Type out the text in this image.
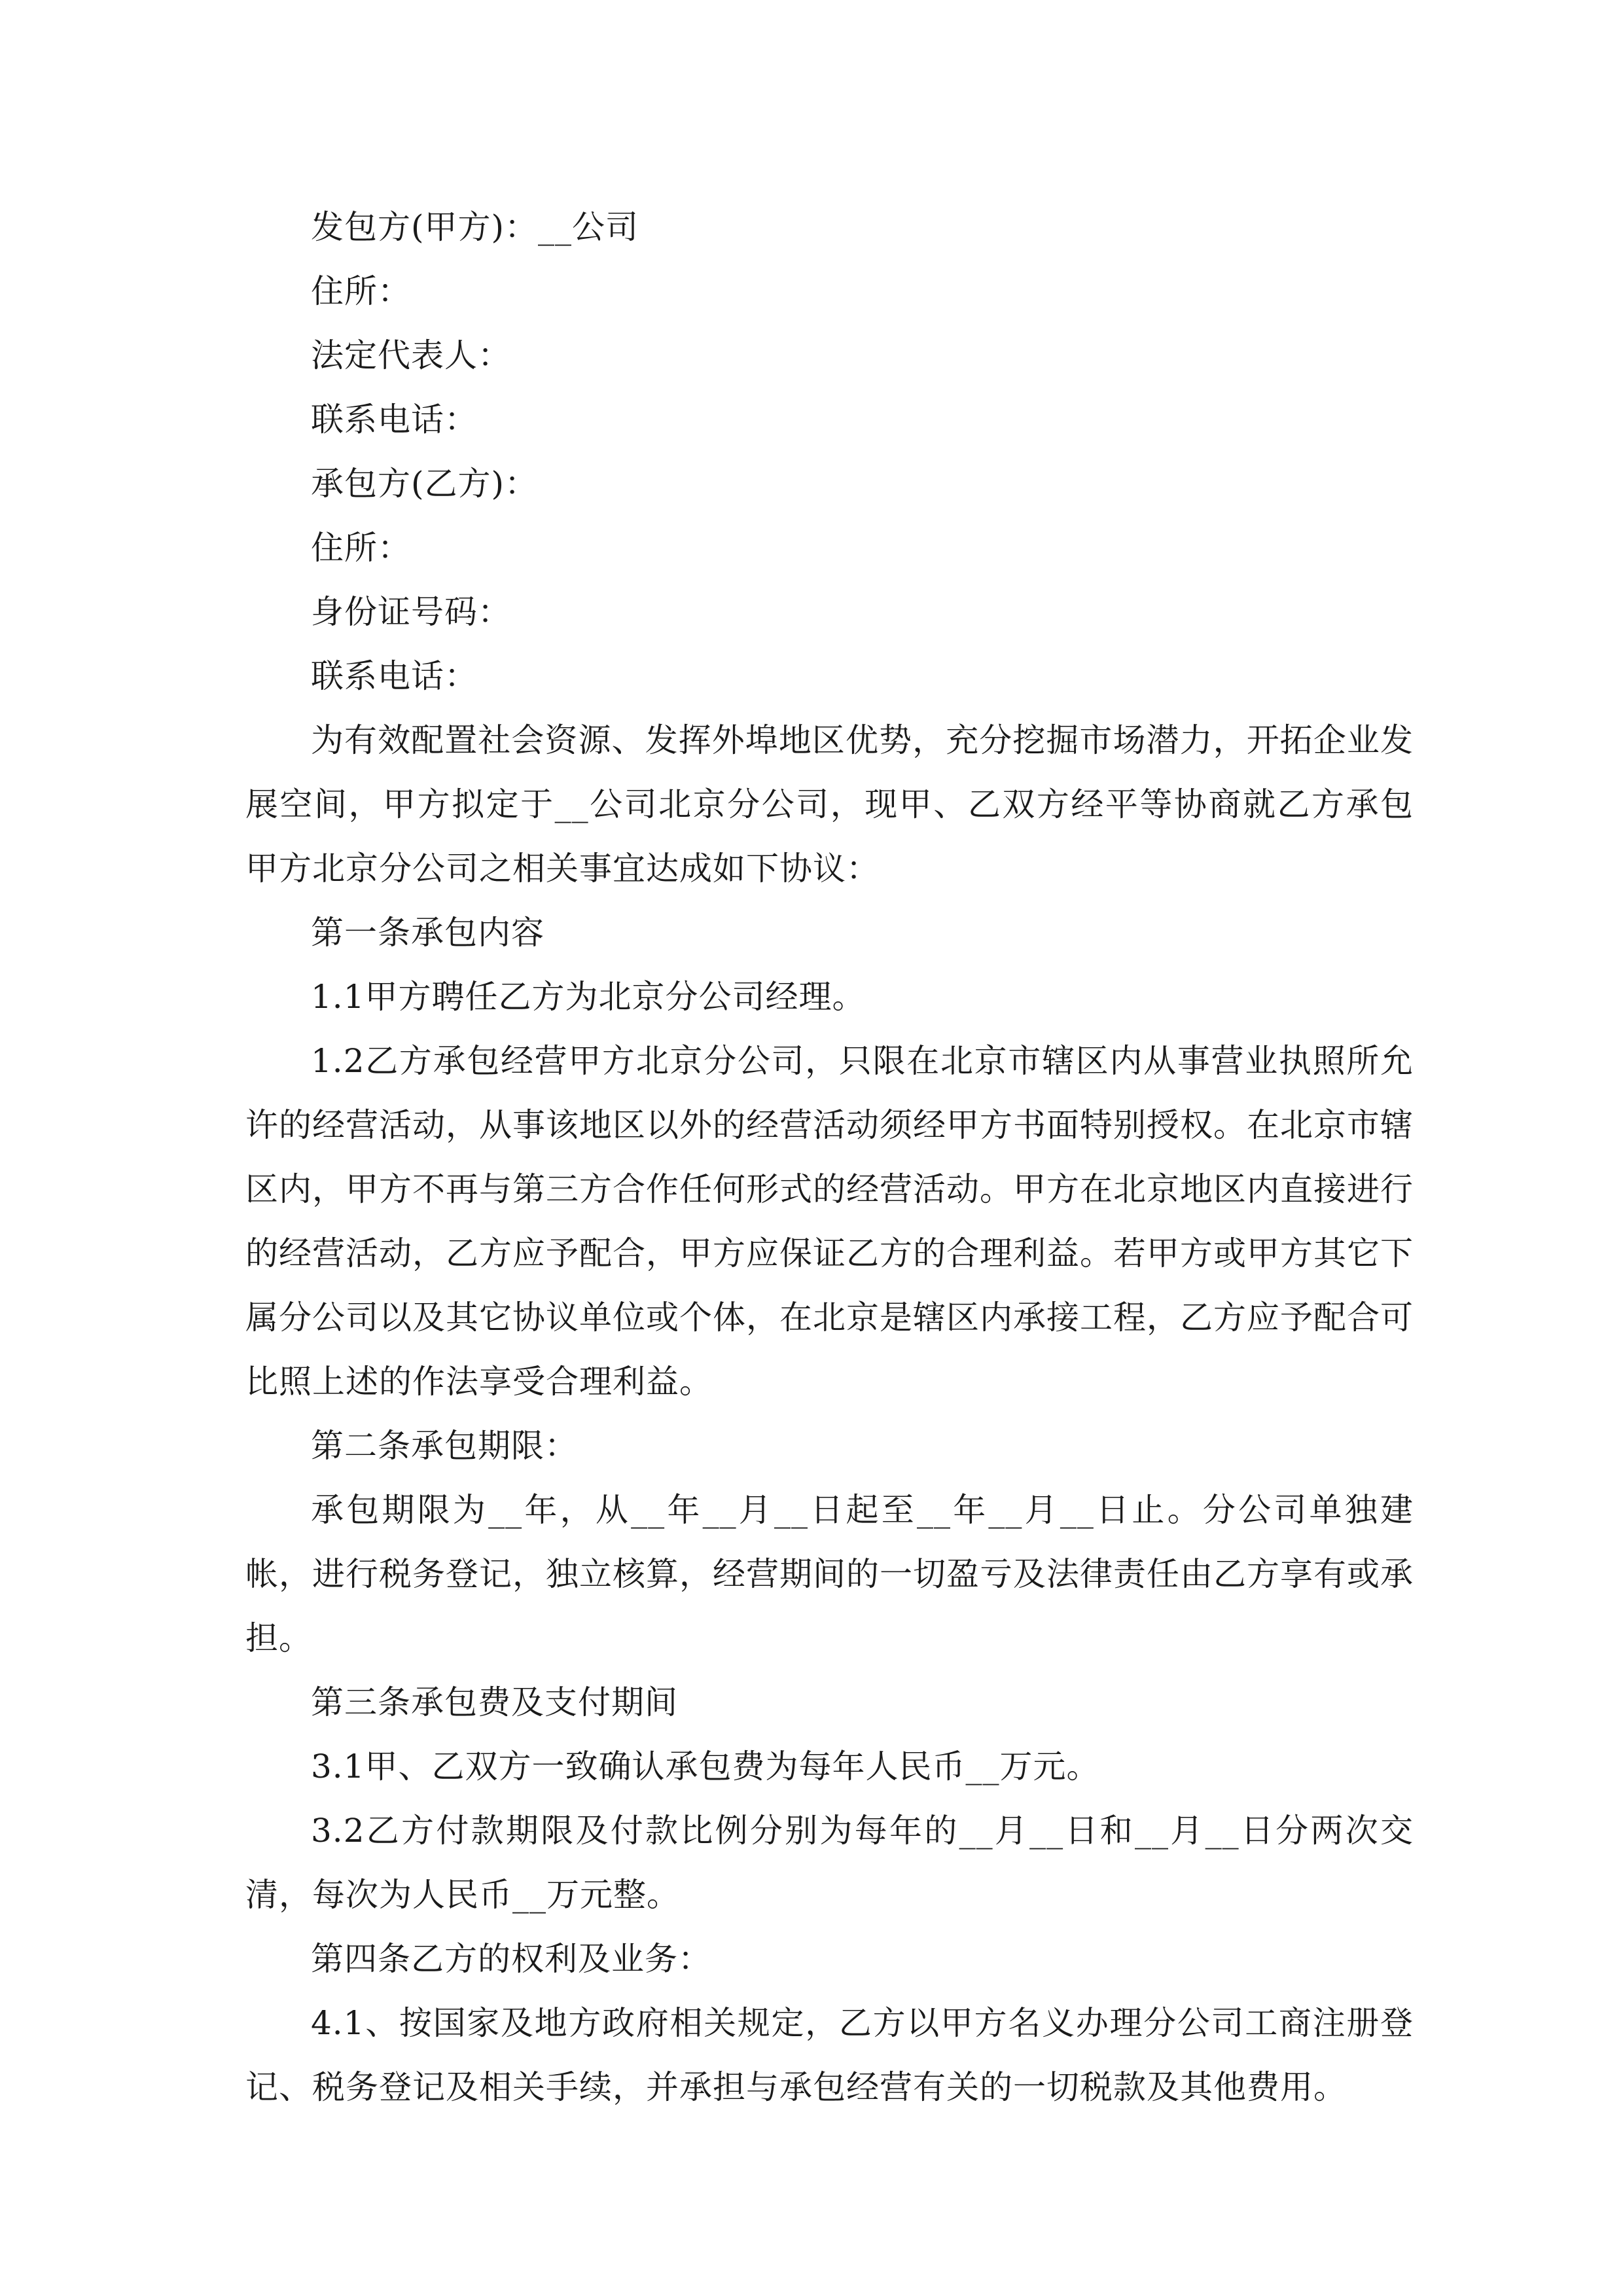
发包方(甲方)：__公司

住所：

法定代表人：

联系电话：

承包方(乙方)：

住所：

身份证号码：

联系电话：

为有效配置社会资源、发挥外埠地区优势，充分挖掘市场潜力，开拓企业发展空间，甲方拟定于__公司北京分公司，现甲、乙双方经平等协商就乙方承包甲方北京分公司之相关事宜达成如下协议：

第一条承包内容

1.1甲方聘任乙方为北京分公司经理。

1.2乙方承包经营甲方北京分公司，只限在北京市辖区内从事营业执照所允许的经营活动，从事该地区以外的经营活动须经甲方书面特别授权。在北京市辖区内，甲方不再与第三方合作任何形式的经营活动。甲方在北京地区内直接进行的经营活动，乙方应予配合，甲方应保证乙方的合理利益。若甲方或甲方其它下属分公司以及其它协议单位或个体，在北京是辖区内承接工程，乙方应予配合可比照上述的作法享受合理利益。

第二条承包期限：

承包期限为__年，从__年__月__日起至__年__月__日止。分公司单独建帐，进行税务登记，独立核算，经营期间的一切盈亏及法律责任由乙方享有或承担。

第三条承包费及支付期间

3.1甲、乙双方一致确认承包费为每年人民币__万元。

3.2乙方付款期限及付款比例分别为每年的__月__日和__月__日分两次交清，每次为人民币__万元整。

第四条乙方的权利及业务：

4.1、按国家及地方政府相关规定，乙方以甲方名义办理分公司工商注册登记、税务登记及相关手续，并承担与承包经营有关的一切税款及其他费用。
